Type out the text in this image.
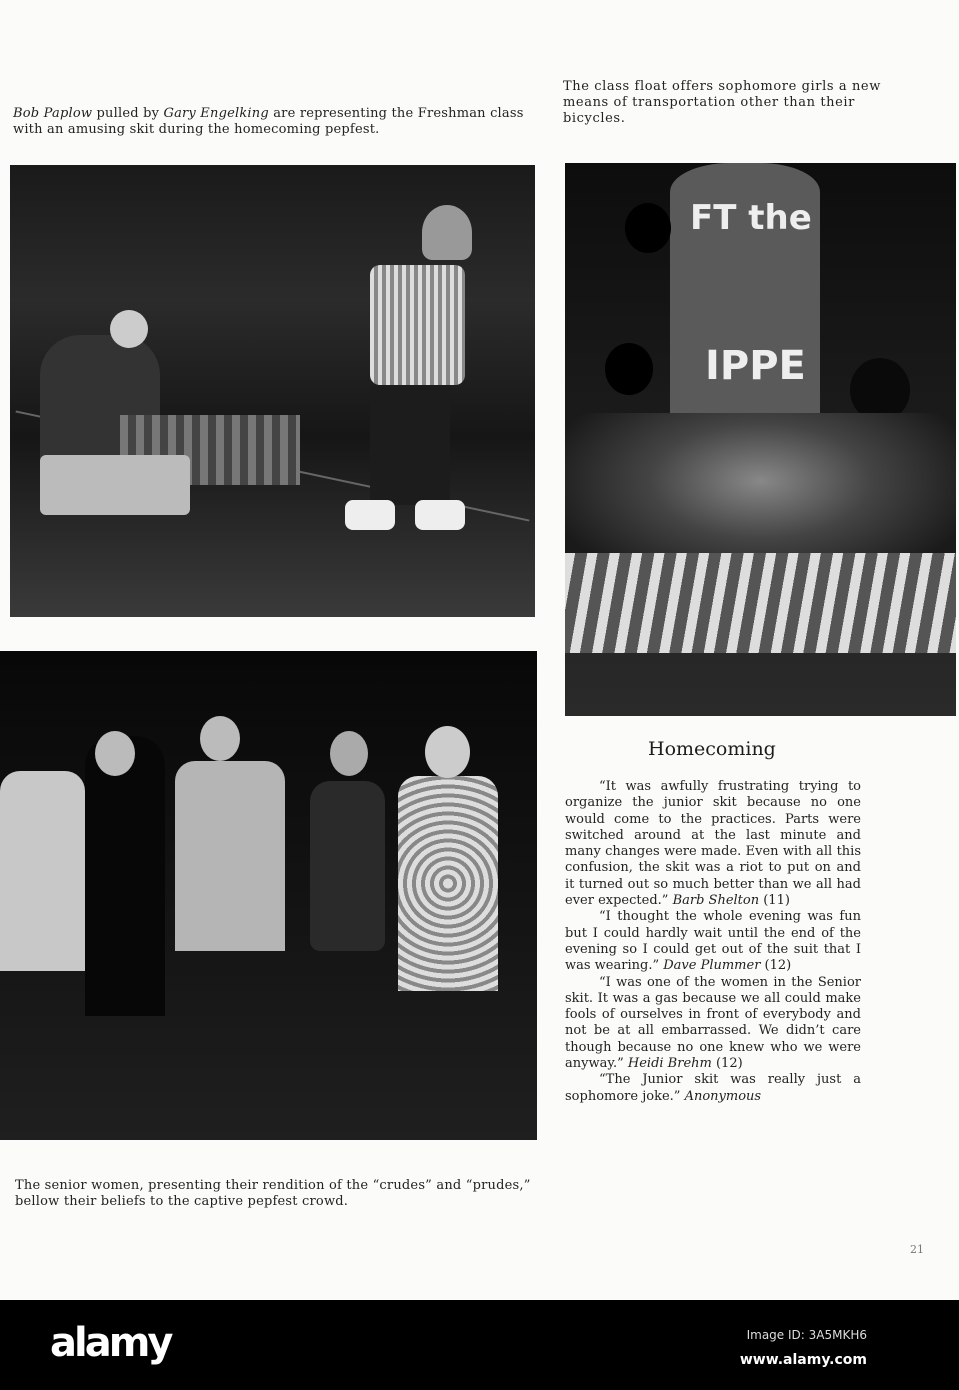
Bob Paplow pulled by Gary Engelking are representing the Freshman class
with an amusing skit during the homecoming pepfest.
The class float offers sophomore girls a new
means of transportation other than their
bicycles.
FT the
IPPE
The senior women, presenting their rendition of the “crudes” and “prudes,”
bellow their beliefs to the captive pepfest crowd.
Homecoming

“It was awfully frustrating trying to organize the junior skit because no one would come to the practices. Parts were switched around at the last minute and many changes were made. Even with all this confusion, the skit was a riot to put on and it turned out so much better than we all had ever expected.” Barb Shelton (11)

“I thought the whole evening was fun but I could hardly wait until the end of the evening so I could get out of the suit that I was wearing.” Dave Plummer (12)

“I was one of the women in the Senior skit. It was a gas because we all could make fools of ourselves in front of everybody and not be at all embarrassed. We didn’t care though because no one knew who we were anyway.” Heidi Brehm (12)

“The Junior skit was really just a sophomore joke.” Anonymous

21
alamy	Image ID: 3A5MKH6
www.alamy.com
